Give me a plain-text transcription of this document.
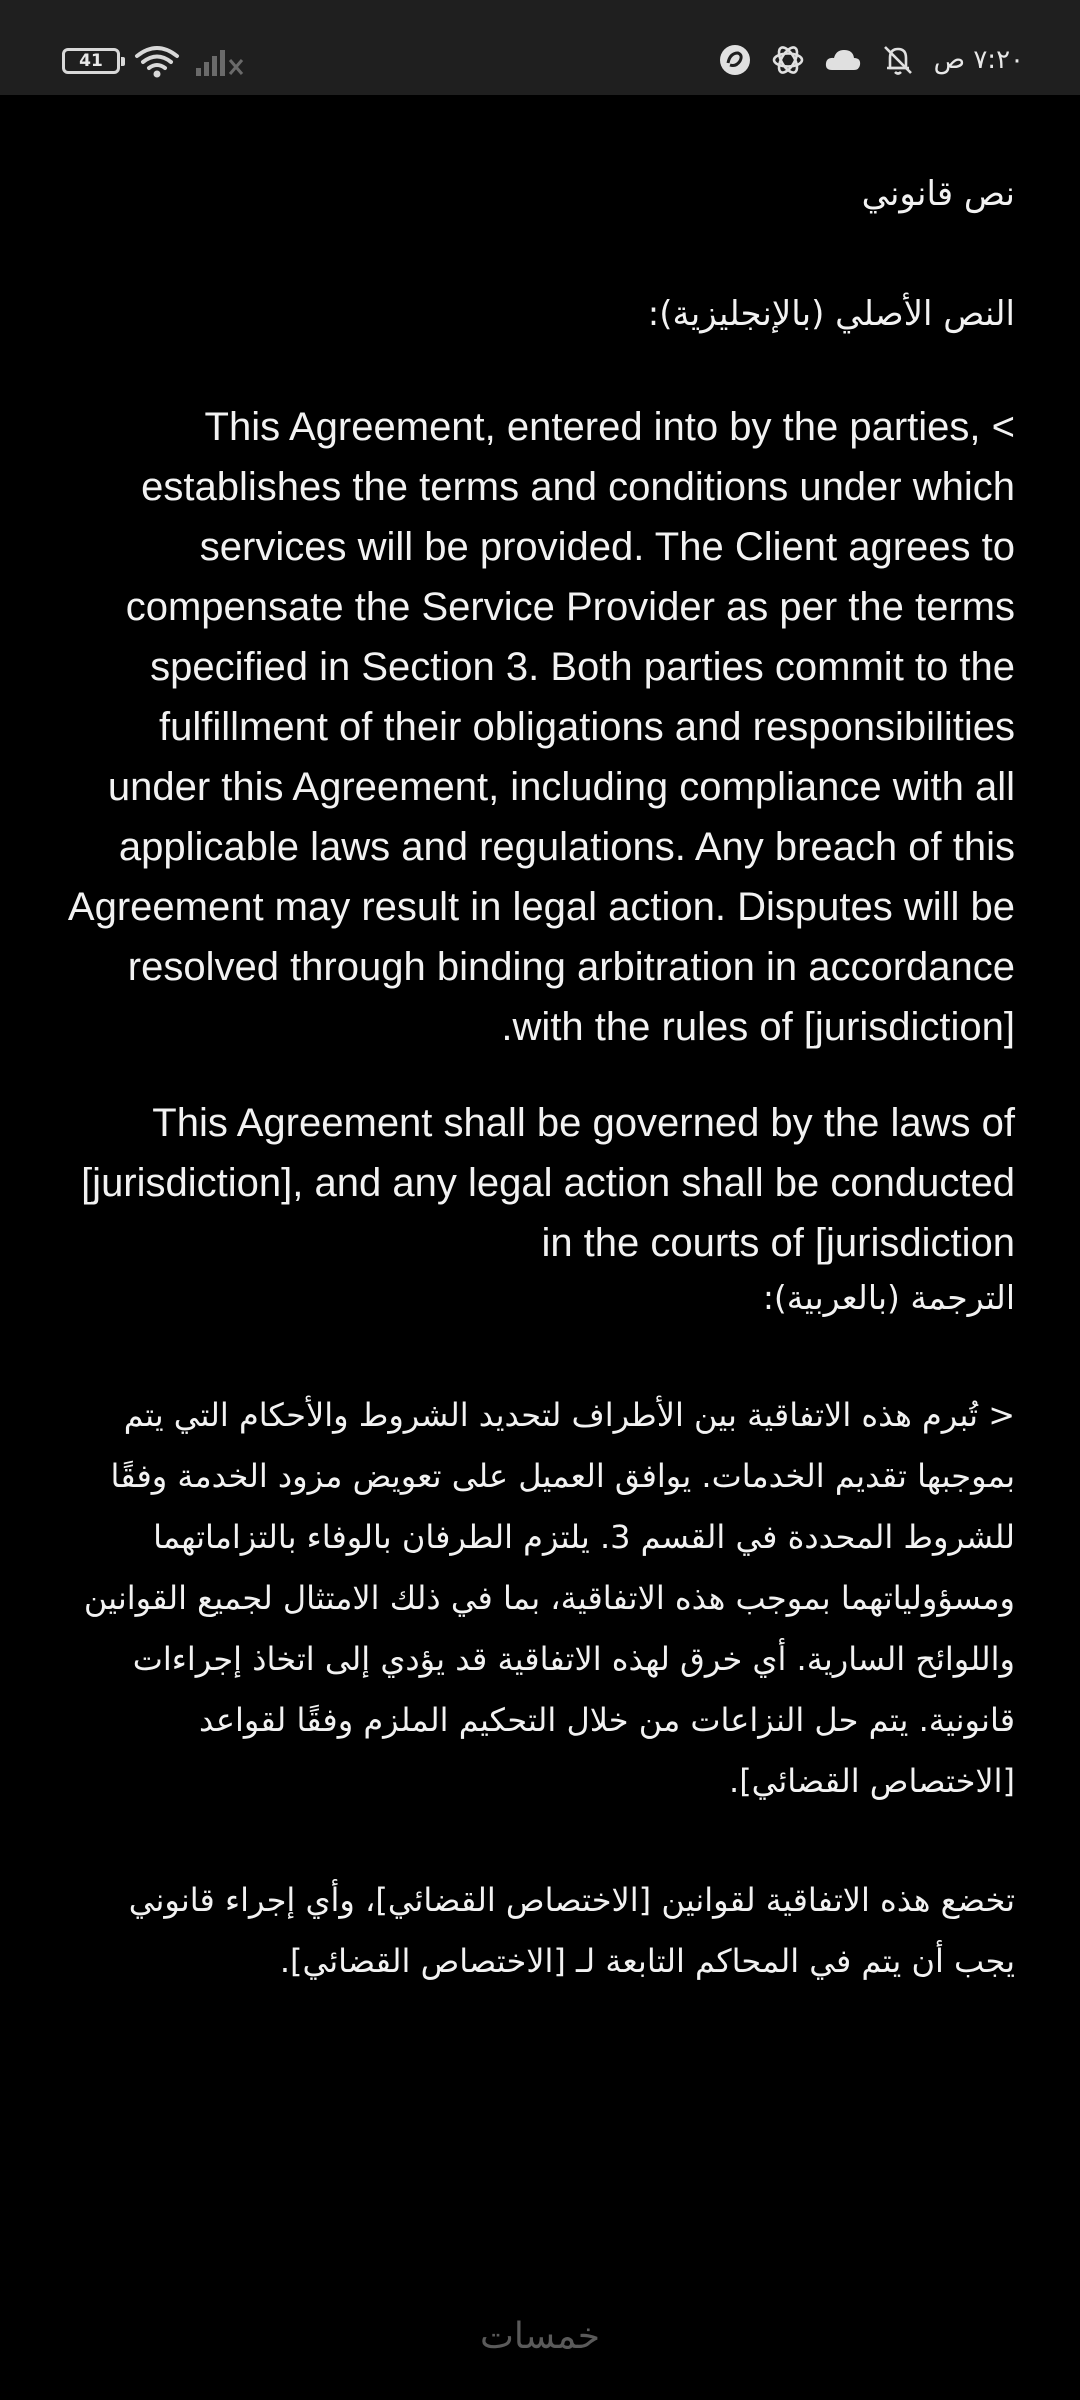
41	٧:٢٠ ص

نص قانوني

النص الأصلي (بالإنجليزية):
This Agreement, entered into by the parties, < establishes the terms and conditions under which services will be provided. The Client agrees to compensate the Service Provider as per the terms specified in Section 3. Both parties commit to the fulfillment of their obligations and responsibilities under this Agreement, including compliance with all applicable laws and regulations. Any breach of this Agreement may result in legal action. Disputes will be resolved through binding arbitration in accordance with the rules of [jurisdiction].
This Agreement shall be governed by the laws of [jurisdiction], and any legal action shall be conducted in the courts of [jurisdiction
الترجمة (بالعربية):
< تُبرم هذه الاتفاقية بين الأطراف لتحديد الشروط والأحكام التي يتم بموجبها تقديم الخدمات. يوافق العميل على تعويض مزود الخدمة وفقًا للشروط المحددة في القسم 3. يلتزم الطرفان بالوفاء بالتزاماتهما ومسؤولياتهما بموجب هذه الاتفاقية، بما في ذلك الامتثال لجميع القوانين واللوائح السارية. أي خرق لهذه الاتفاقية قد يؤدي إلى اتخاذ إجراءات قانونية. يتم حل النزاعات من خلال التحكيم الملزم وفقًا لقواعد [الاختصاص القضائي].
تخضع هذه الاتفاقية لقوانين [الاختصاص القضائي]، وأي إجراء قانوني يجب أن يتم في المحاكم التابعة لـ [الاختصاص القضائي].
خمسات
